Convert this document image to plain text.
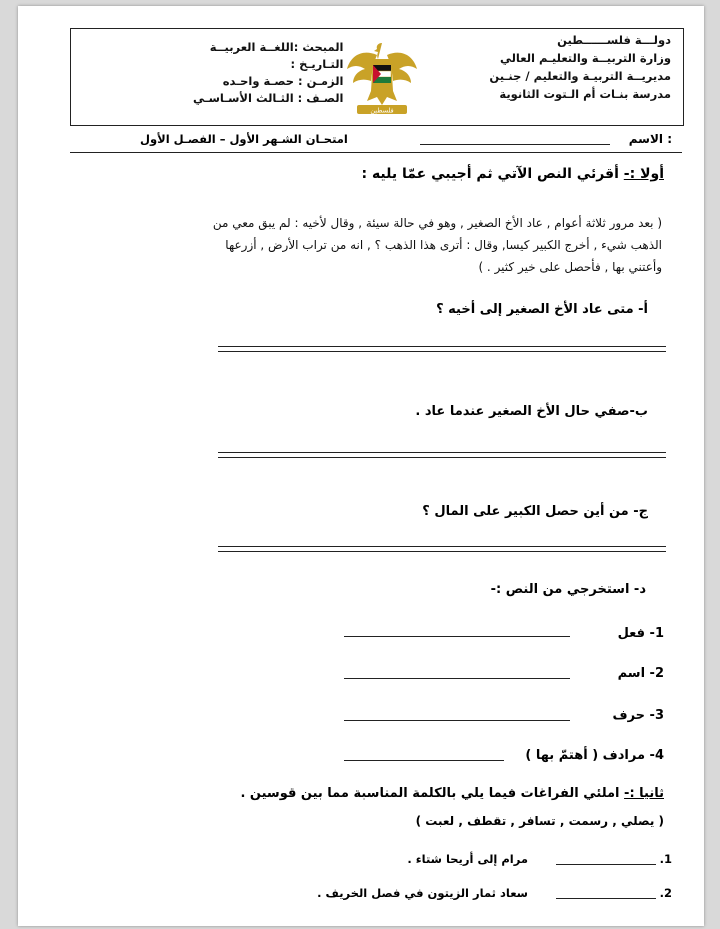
دولـــة فلســــــطين
وزارة التربيــة والتعليـم العالي
مديريــة التربيـة والتعليم / جنـين
مدرسة بنـات أم الـتوت الثانوية
فلسطين
المبحث :اللغــة العربيــة
التـاريـخ :
الزمـن : حصـة واحـده
الصـف : الثـالث الأسـاسـي
الاسم :
امتحـان الشـهر الأول – الفصـل الأول
أولا :- أقرئي النص الآتي ثم أجيبي عمّا يليه :
( بعد مرور ثلاثة أعوام , عاد الأخ الصغير , وهو في حالة سيئة , وقال لأخيه : لم يبق معي من
الذهب شيء , أخرج الكبير كيسا, وقال : أترى هذا الذهب ؟ , انه من تراب الأرض , أزرعها
وأعتني بها , فأحصل على خير كثير . )
أ- متى عاد الأخ الصغير إلى أخيه ؟
ب-صفي حال الأخ الصغير عندما عاد .
ج- من أين حصل الكبير على المال ؟
د- استخرجي من النص :-
1- فعل
2- اسم
3- حرف
4- مرادف ( أهتمّ بها )
ثانيا :- املئي الفراغات فيما يلي بالكلمة المناسبة مما بين قوسين .
( يصلي , رسمت , تسافر , تقطف , لعبت )
1.
مرام إلى أريحا شتاء .
2.
سعاد ثمار الزيتون في فصل الخريف .
